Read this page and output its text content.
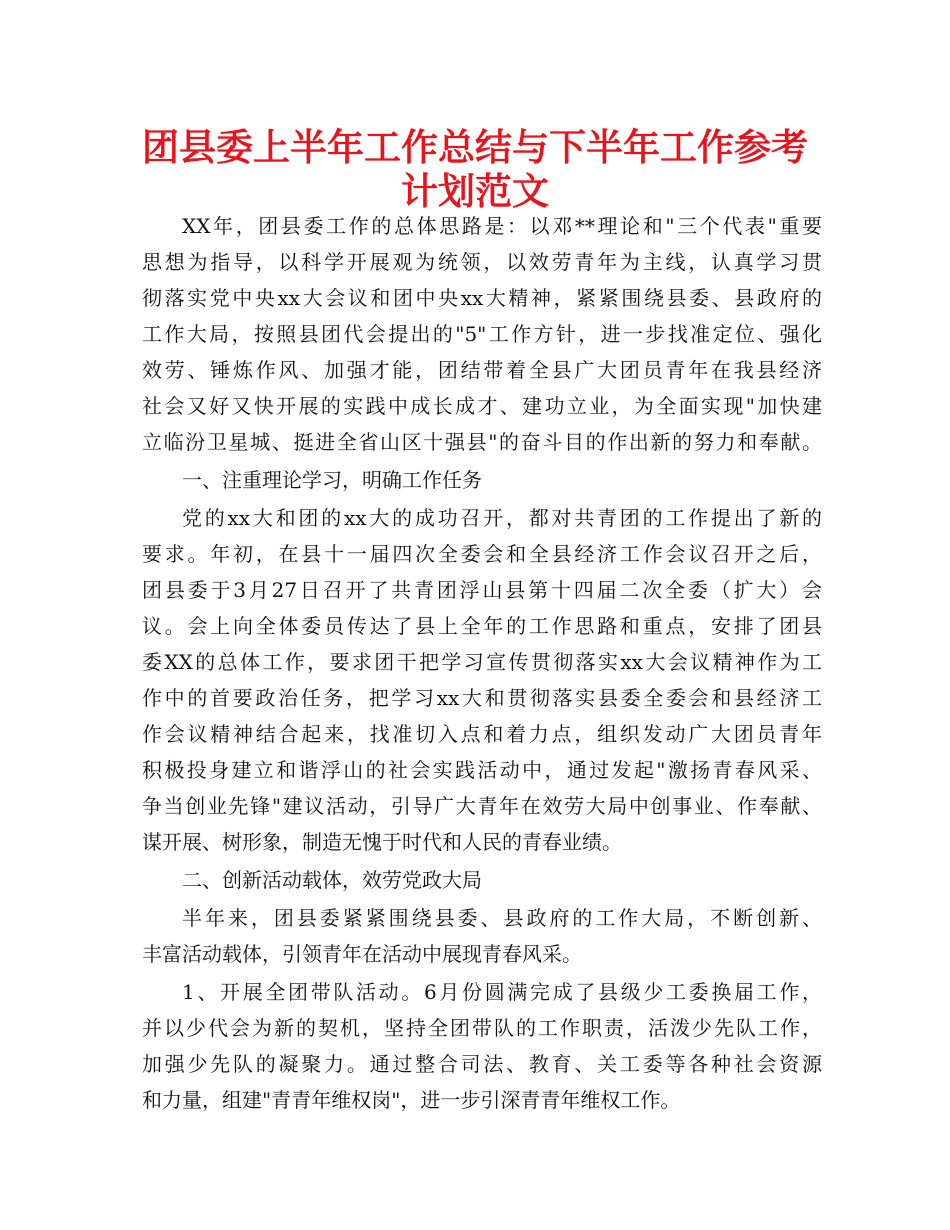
团县委上半年工作总结与下半年工作参考
计划范文
XX年，团县委工作的总体思路是：以邓**理论和"三个代表"重要
思想为指导，以科学开展观为统领，以效劳青年为主线，认真学习贯
彻落实党中央xx大会议和团中央xx大精神，紧紧围绕县委、县政府的
工作大局，按照县团代会提出的"5"工作方针，进一步找准定位、强化
效劳、锤炼作风、加强才能，团结带着全县广大团员青年在我县经济
社会又好又快开展的实践中成长成才、建功立业，为全面实现"加快建
立临汾卫星城、挺进全省山区十强县"的奋斗目的作出新的努力和奉献。
一、注重理论学习，明确工作任务
党的xx大和团的xx大的成功召开，都对共青团的工作提出了新的
要求。年初，在县十一届四次全委会和全县经济工作会议召开之后，
团县委于3月27日召开了共青团浮山县第十四届二次全委（扩大）会
议。会上向全体委员传达了县上全年的工作思路和重点，安排了团县
委XX的总体工作，要求团干把学习宣传贯彻落实xx大会议精神作为工
作中的首要政治任务，把学习xx大和贯彻落实县委全委会和县经济工
作会议精神结合起来，找准切入点和着力点，组织发动广大团员青年
积极投身建立和谐浮山的社会实践活动中，通过发起"激扬青春风采、
争当创业先锋"建议活动，引导广大青年在效劳大局中创事业、作奉献、
谋开展、树形象，制造无愧于时代和人民的青春业绩。
二、创新活动载体，效劳党政大局
半年来，团县委紧紧围绕县委、县政府的工作大局，不断创新、
丰富活动载体，引领青年在活动中展现青春风采。
1、开展全团带队活动。6月份圆满完成了县级少工委换届工作，
并以少代会为新的契机，坚持全团带队的工作职责，活泼少先队工作，
加强少先队的凝聚力。通过整合司法、教育、关工委等各种社会资源
和力量，组建"青青年维权岗"，进一步引深青青年维权工作。
